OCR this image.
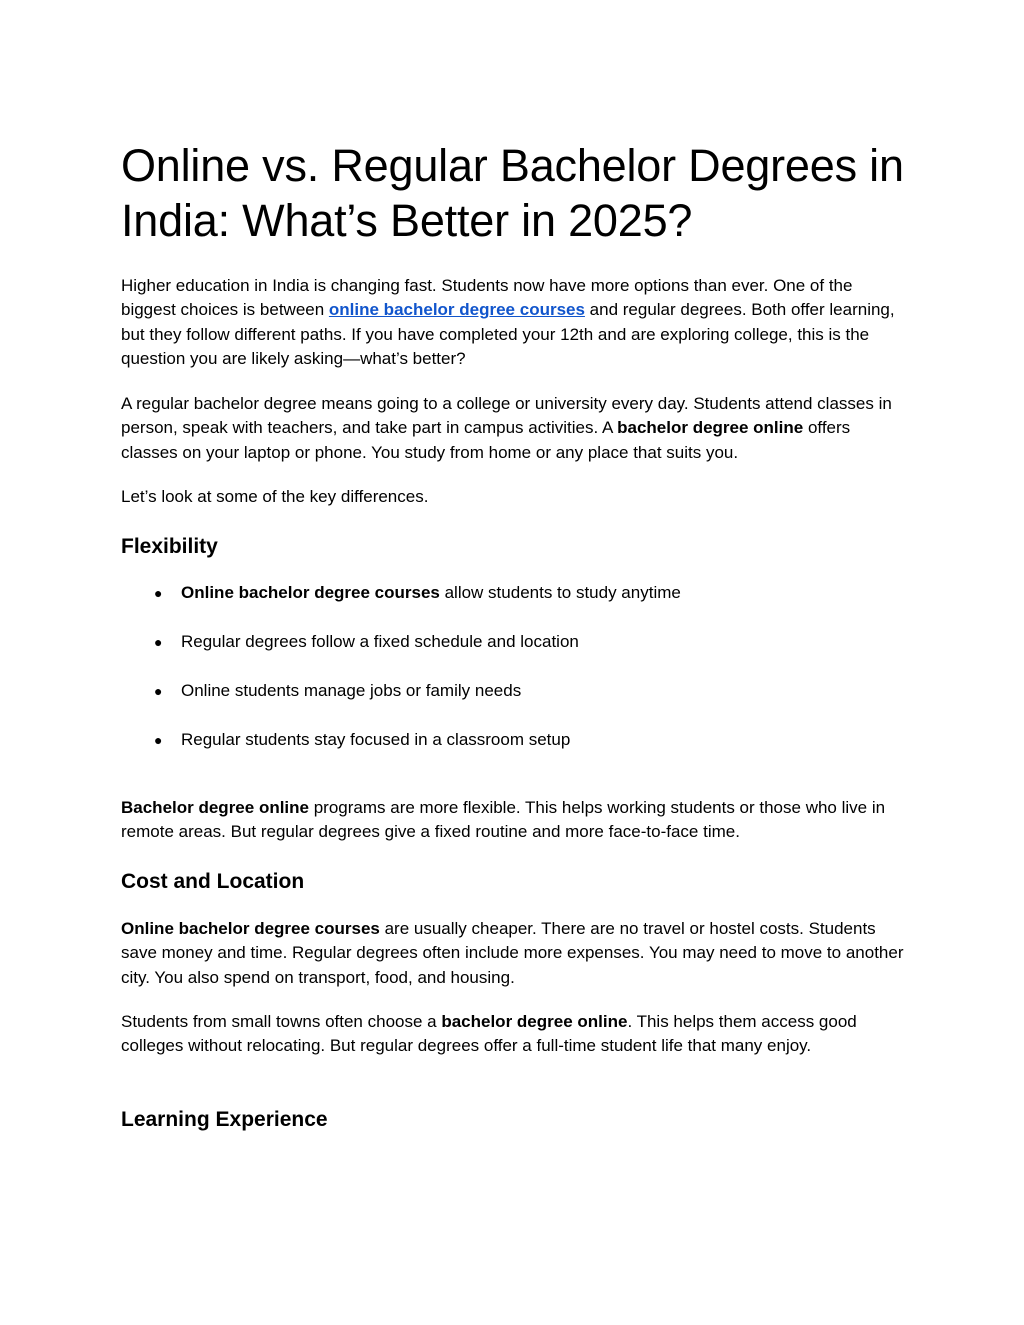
Online vs. Regular Bachelor Degrees in India: What’s Better in 2025?

Higher education in India is changing fast. Students now have more options than ever. One of the biggest choices is between online bachelor degree courses and regular degrees. Both offer learning, but they follow different paths. If you have completed your 12th and are exploring college, this is the question you are likely asking—what’s better?

A regular bachelor degree means going to a college or university every day. Students attend classes in person, speak with teachers, and take part in campus activities. A bachelor degree online offers classes on your laptop or phone. You study from home or any place that suits you.

Let’s look at some of the key differences.

Flexibility
● Online bachelor degree courses allow students to study anytime
● Regular degrees follow a fixed schedule and location
● Online students manage jobs or family needs
● Regular students stay focused in a classroom setup

Bachelor degree online programs are more flexible. This helps working students or those who live in remote areas. But regular degrees give a fixed routine and more face-to-face time.

Cost and Location

Online bachelor degree courses are usually cheaper. There are no travel or hostel costs. Students save money and time. Regular degrees often include more expenses. You may need to move to another city. You also spend on transport, food, and housing.

Students from small towns often choose a bachelor degree online. This helps them access good colleges without relocating. But regular degrees offer a full-time student life that many enjoy.

Learning Experience
